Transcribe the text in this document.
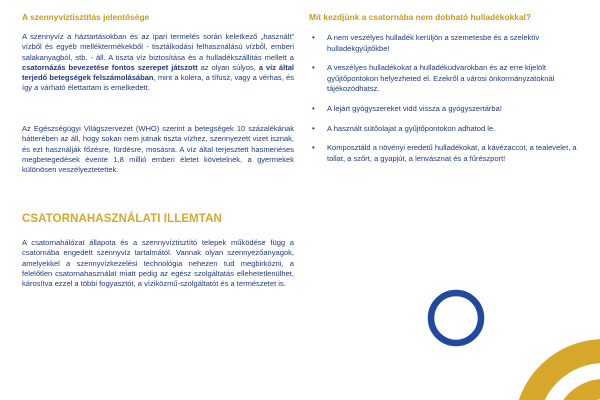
A szennyvíztisztítás jelentősége
A szennyvíz a háztartásokban és az ipari termelés során keletkező „használt” vízből és egyéb melléktermékekből - tisztálkodási felhasználású vízből, emberi salakanyagból, stb. - áll. A tiszta víz biztosítása és a hulladékszállítás mellett a csatornázás bevezetése fontos szerepet játszott az olyan súlyos, a víz által terjedő betegségek felszámolásában, mint a kolera, a tífusz, vagy a vérhas, és így a várható élettartam is emelkedett.
Az Egészségügyi Világszervezet (WHO) szerint a betegségek 10 százalékának hátterében az áll, hogy sokan nem jutnak tiszta vízhez, szennyezett vizet isznak, és ezt használják főzésre, fürdésre, mosásra. A víz által terjesztett hasmenéses megbetegedések évente 1,8 millió emberi életet követelnek, a gyermekek különösen veszélyeztetettek.
CSATORNAHASZNÁLATI ILLEMTAN
A csatornahálózat állapota és a szennyvíztisztító telepek működése függ a csatornába engedett szennyvíz tartalmától. Vannak olyan szennyezőanyagok, amelyekkel a szennyvízkezelési technológia nehezen tud megbirkózni, a felelőtlen csatornahasználat miatt pedig az egész szolgáltatás ellehetetlenülhet, károsítva ezzel a többi fogyasztót, a víziközmű-szolgáltatót és a természetet is.
Mit kezdjünk a csatornába nem dobható hulladékokkal?
• A nem veszélyes hulladék kerüljön a szemetesbe és a szelektív hulladékgyűjtőkbe!
• A veszélyes hulladékokat a hulladékudvarokban és az erre kijelölt gyűjtőpontokon helyezheted el. Ezekről a városi önkormányzatoknál tájékozódhatsz.
• A lejárt gyógyszereket vidd vissza a gyógyszertárba!
• A használt sütőolajat a gyűjtőpontokon adhatod le.
• Komposztáld a növényi eredetű hulladékokat, a kávézaccot, a tealevelet, a tollat, a szőrt, a gyapjút, a lenvásznat és a fűrészport!
